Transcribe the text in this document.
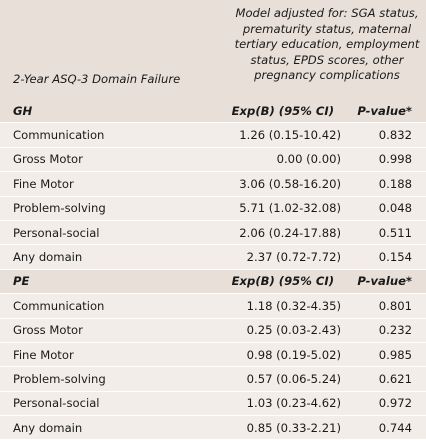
2-Year ASQ-3 Domain Failure
Model adjusted for: SGA status, prematurity status, maternal tertiary education, employment status, EPDS scores, other pregnancy complications
GH	Exp(B) (95% CI)	P-value*
Communication	1.26 (0.15-10.42)	0.832
Gross Motor	0.00 (0.00)	0.998
Fine Motor	3.06 (0.58-16.20)	0.188
Problem-solving	5.71 (1.02-32.08)	0.048
Personal-social	2.06 (0.24-17.88)	0.511
Any domain	2.37 (0.72-7.72)	0.154
PE	Exp(B) (95% CI)	P-value*
Communication	1.18 (0.32-4.35)	0.801
Gross Motor	0.25 (0.03-2.43)	0.232
Fine Motor	0.98 (0.19-5.02)	0.985
Problem-solving	0.57 (0.06-5.24)	0.621
Personal-social	1.03 (0.23-4.62)	0.972
Any domain	0.85 (0.33-2.21)	0.744
